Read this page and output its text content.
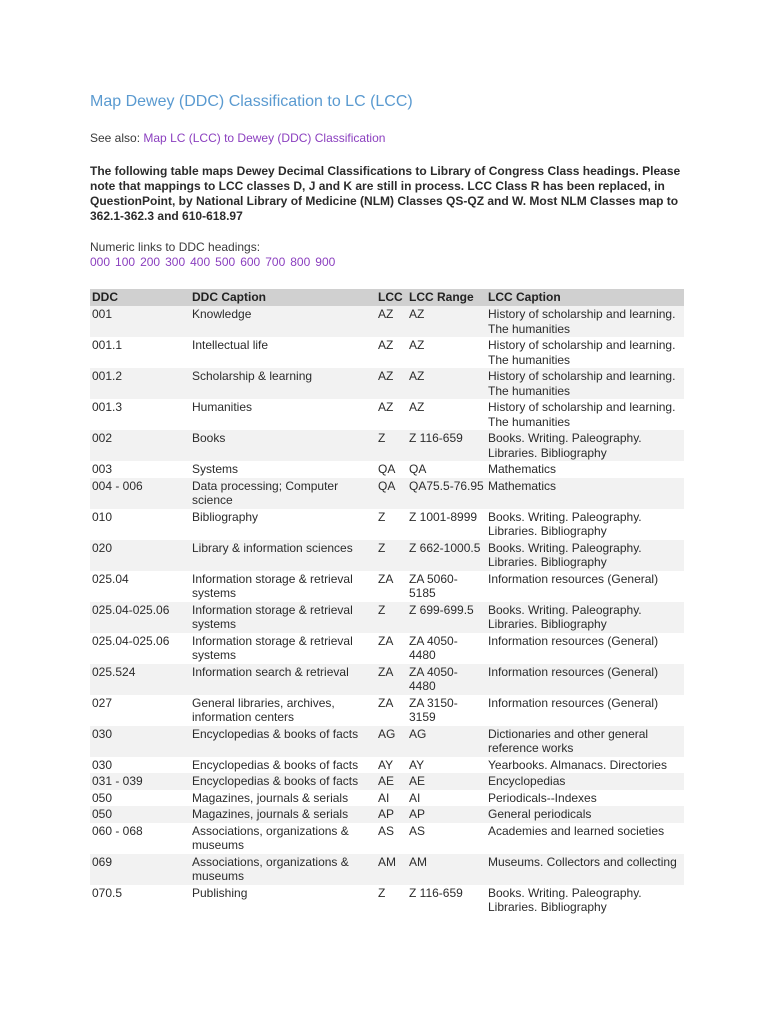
Map Dewey (DDC) Classification to LC (LCC)
See also: Map LC (LCC) to Dewey (DDC) Classification
The following table maps Dewey Decimal Classifications to Library of Congress Class headings. Please note that mappings to LCC classes D, J and K are still in process. LCC Class R has been replaced, in QuestionPoint, by National Library of Medicine (NLM) Classes QS-QZ and W. Most NLM Classes map to 362.1-362.3 and 610-618.97
Numeric links to DDC headings:
000 100 200 300 400 500 600 700 800 900
DDC	DDC Caption	LCC	LCC Range	LCC Caption
001	Knowledge	AZ	AZ	History of scholarship and learning. The humanities
001.1	Intellectual life	AZ	AZ	History of scholarship and learning. The humanities
001.2	Scholarship & learning	AZ	AZ	History of scholarship and learning. The humanities
001.3	Humanities	AZ	AZ	History of scholarship and learning. The humanities
002	Books	Z	Z 116-659	Books. Writing. Paleography. Libraries. Bibliography
003	Systems	QA	QA	Mathematics
004 - 006	Data processing; Computer science	QA	QA75.5-76.95	Mathematics
010	Bibliography	Z	Z 1001-8999	Books. Writing. Paleography. Libraries. Bibliography
020	Library & information sciences	Z	Z 662-1000.5	Books. Writing. Paleography. Libraries. Bibliography
025.04	Information storage & retrieval systems	ZA	ZA 5060-5185	Information resources (General)
025.04-025.06	Information storage & retrieval systems	Z	Z 699-699.5	Books. Writing. Paleography. Libraries. Bibliography
025.04-025.06	Information storage & retrieval systems	ZA	ZA 4050-4480	Information resources (General)
025.524	Information search & retrieval	ZA	ZA 4050-4480	Information resources (General)
027	General libraries, archives, information centers	ZA	ZA 3150-3159	Information resources (General)
030	Encyclopedias & books of facts	AG	AG	Dictionaries and other general reference works
030	Encyclopedias & books of facts	AY	AY	Yearbooks. Almanacs. Directories
031 - 039	Encyclopedias & books of facts	AE	AE	Encyclopedias
050	Magazines, journals & serials	AI	AI	Periodicals--Indexes
050	Magazines, journals & serials	AP	AP	General periodicals
060 - 068	Associations, organizations & museums	AS	AS	Academies and learned societies
069	Associations, organizations & museums	AM	AM	Museums. Collectors and collecting
070.5	Publishing	Z	Z 116-659	Books. Writing. Paleography. Libraries. Bibliography
